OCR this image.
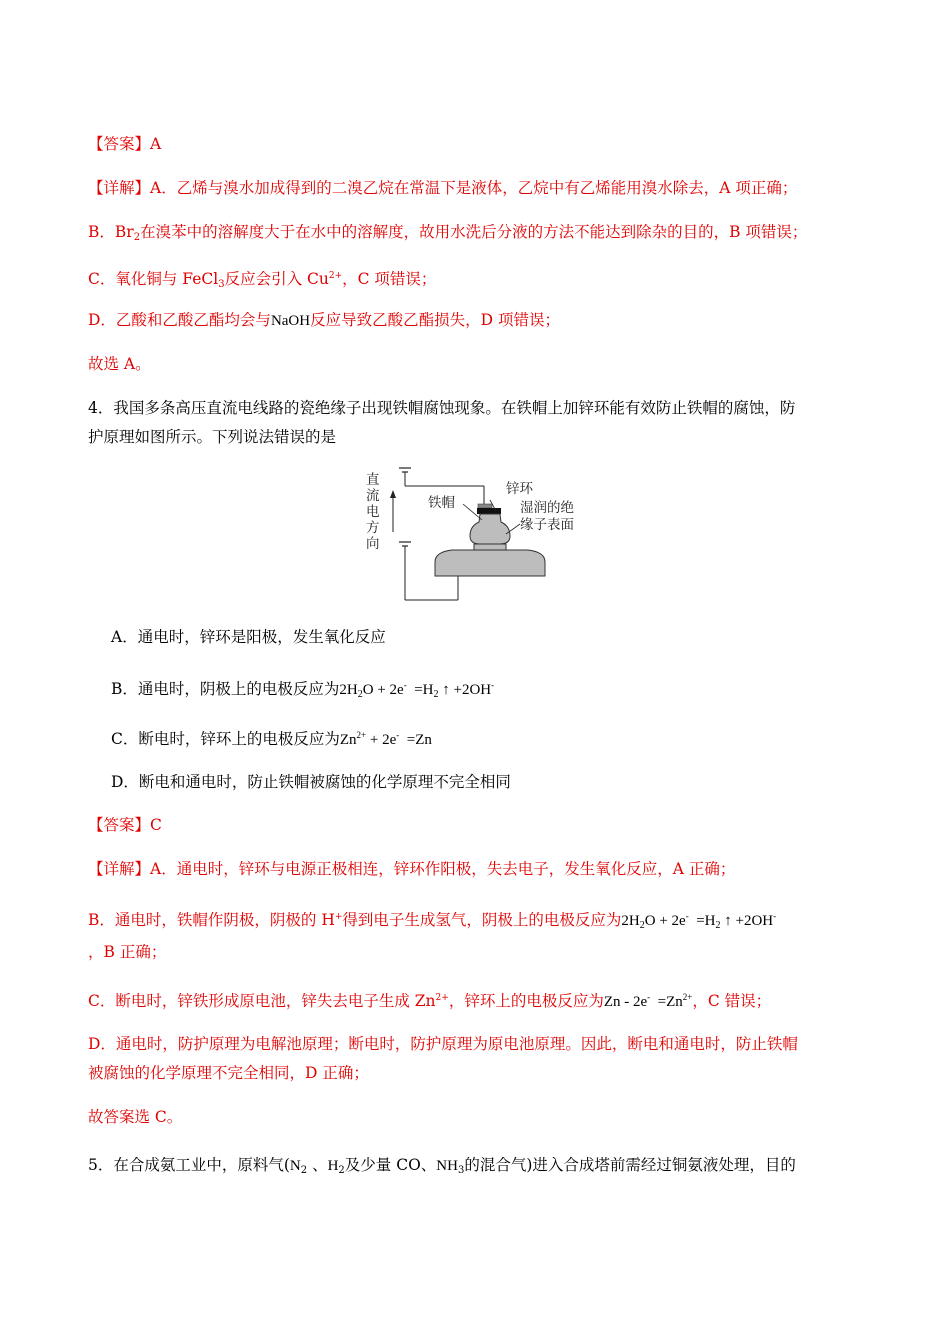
【答案】A
【详解】A．乙烯与溴水加成得到的二溴乙烷在常温下是液体，乙烷中有乙烯能用溴水除去，A 项正确；
B．$Br_2$在溴苯中的溶解度大于在水中的溶解度，故用水洗后分液的方法不能达到除杂的目的，B 项错误；
C．氧化铜与 FeCl$_3$反应会引入 $Cu^{2+}$，C 项错误；
D．乙酸和乙酸乙酯均会与NaOH反应导致乙酸乙酯损失，D 项错误；
故选 A。
4．我国多条高压直流电线路的瓷绝缘子出现铁帽腐蚀现象。在铁帽上加锌环能有效防止铁帽的腐蚀，防
护原理如图所示。下列说法错误的是
直
流
电
方
向
锌环
铁帽	湿润的绝
缘子表面
A．通电时，锌环是阳极，发生氧化反应
B．通电时，阴极上的电极反应为$2H_2O + 2e^- =H_2$ ↑ +2OH-
C．断电时，锌环上的电极反应为$Zn^{2+} + 2e^- =Zn$
D．断电和通电时，防止铁帽被腐蚀的化学原理不完全相同
【答案】C
【详解】A．通电时，锌环与电源正极相连，锌环作阳极，失去电子，发生氧化反应，A 正确；
B．通电时，铁帽作阴极，阴极的 H+得到电子生成氢气，阴极上的电极反应为$2H_2O + 2e^- =H_2$ ↑ +2OH-
，B 正确；
C．断电时，锌铁形成原电池，锌失去电子生成 $Zn^{2+}$，锌环上的电极反应为$Zn - 2e^- =Zn^{2+}$，C 错误；
D．通电时，防护原理为电解池原理；断电时，防护原理为原电池原理。因此，断电和通电时，防止铁帽
被腐蚀的化学原理不完全相同，D 正确；
故答案选 C。
5．在合成氨工业中，原料气($N_2$ 、$H_2$及少量 CO、$NH_3$的混合气)进入合成塔前需经过铜氨液处理，目的
